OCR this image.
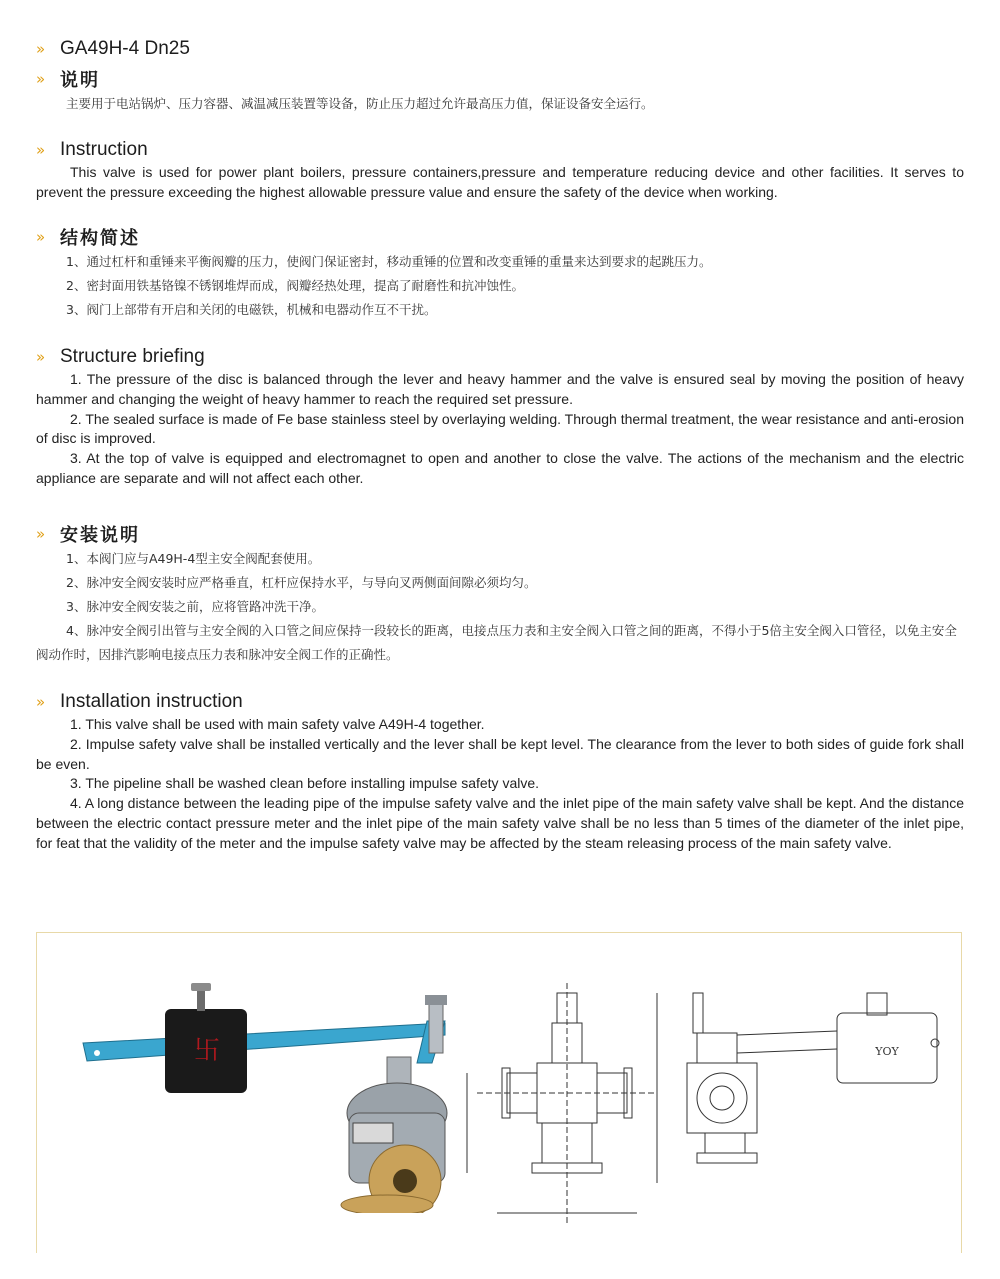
» GA49H-4 Dn25
» 说明

主要用于电站锅炉、压力容器、减温减压装置等设备，防止压力超过允许最高压力值，保证设备安全运行。

» Instruction

This valve is used for power plant boilers, pressure containers,pressure and temperature reducing device and other facilities. It serves to prevent the pressure exceeding the highest allowable pressure value and ensure the safety of the device when working.

» 结构简述

1、通过杠杆和重锤来平衡阀瓣的压力，使阀门保证密封，移动重锤的位置和改变重锤的重量来达到要求的起跳压力。

2、密封面用铁基铬镍不锈钢堆焊而成，阀瓣经热处理，提高了耐磨性和抗冲蚀性。

3、阀门上部带有开启和关闭的电磁铁，机械和电器动作互不干扰。

» Structure briefing

1. The pressure of the disc is balanced through the lever and heavy hammer and the valve is ensured seal by moving the position of heavy hammer and changing the weight of heavy hammer to reach the required set pressure.

2. The sealed surface is made of Fe base stainless steel by overlaying welding. Through thermal treatment, the wear resistance and anti-erosion of disc is improved.

3. At the top of valve is equipped and electromagnet to open and another to close the valve. The actions of the mechanism and the electric appliance are separate and will not affect each other.

» 安装说明

1、本阀门应与A49H-4型主安全阀配套使用。

2、脉冲安全阀安装时应严格垂直，杠杆应保持水平，与导向叉两侧面间隙必须均匀。

3、脉冲安全阀安装之前，应将管路冲洗干净。

4、脉冲安全阀引出管与主安全阀的入口管之间应保持一段较长的距离，电接点压力表和主安全阀入口管之间的距离，不得小于5倍主安全阀入口管径，以免主安全阀动作时，因排汽影响电接点压力表和脉冲安全阀工作的正确性。

» Installation instruction

1. This valve shall be used with main safety valve A49H-4 together.

2. Impulse safety valve shall be installed vertically and the lever shall be kept level. The clearance from the lever to both sides of guide fork shall be even.

3. The pipeline shall be washed clean before installing impulse safety valve.

4. A long distance between the leading pipe of the impulse safety valve and the inlet pipe of the main safety valve shall be kept. And the distance between the electric contact pressure meter and the inlet pipe of the main safety valve shall be no less than 5 times of the diameter of the inlet pipe, for feat that the validity of the meter and the impulse safety valve may be affected by the steam releasing process of the main safety valve.

卐	YOY
